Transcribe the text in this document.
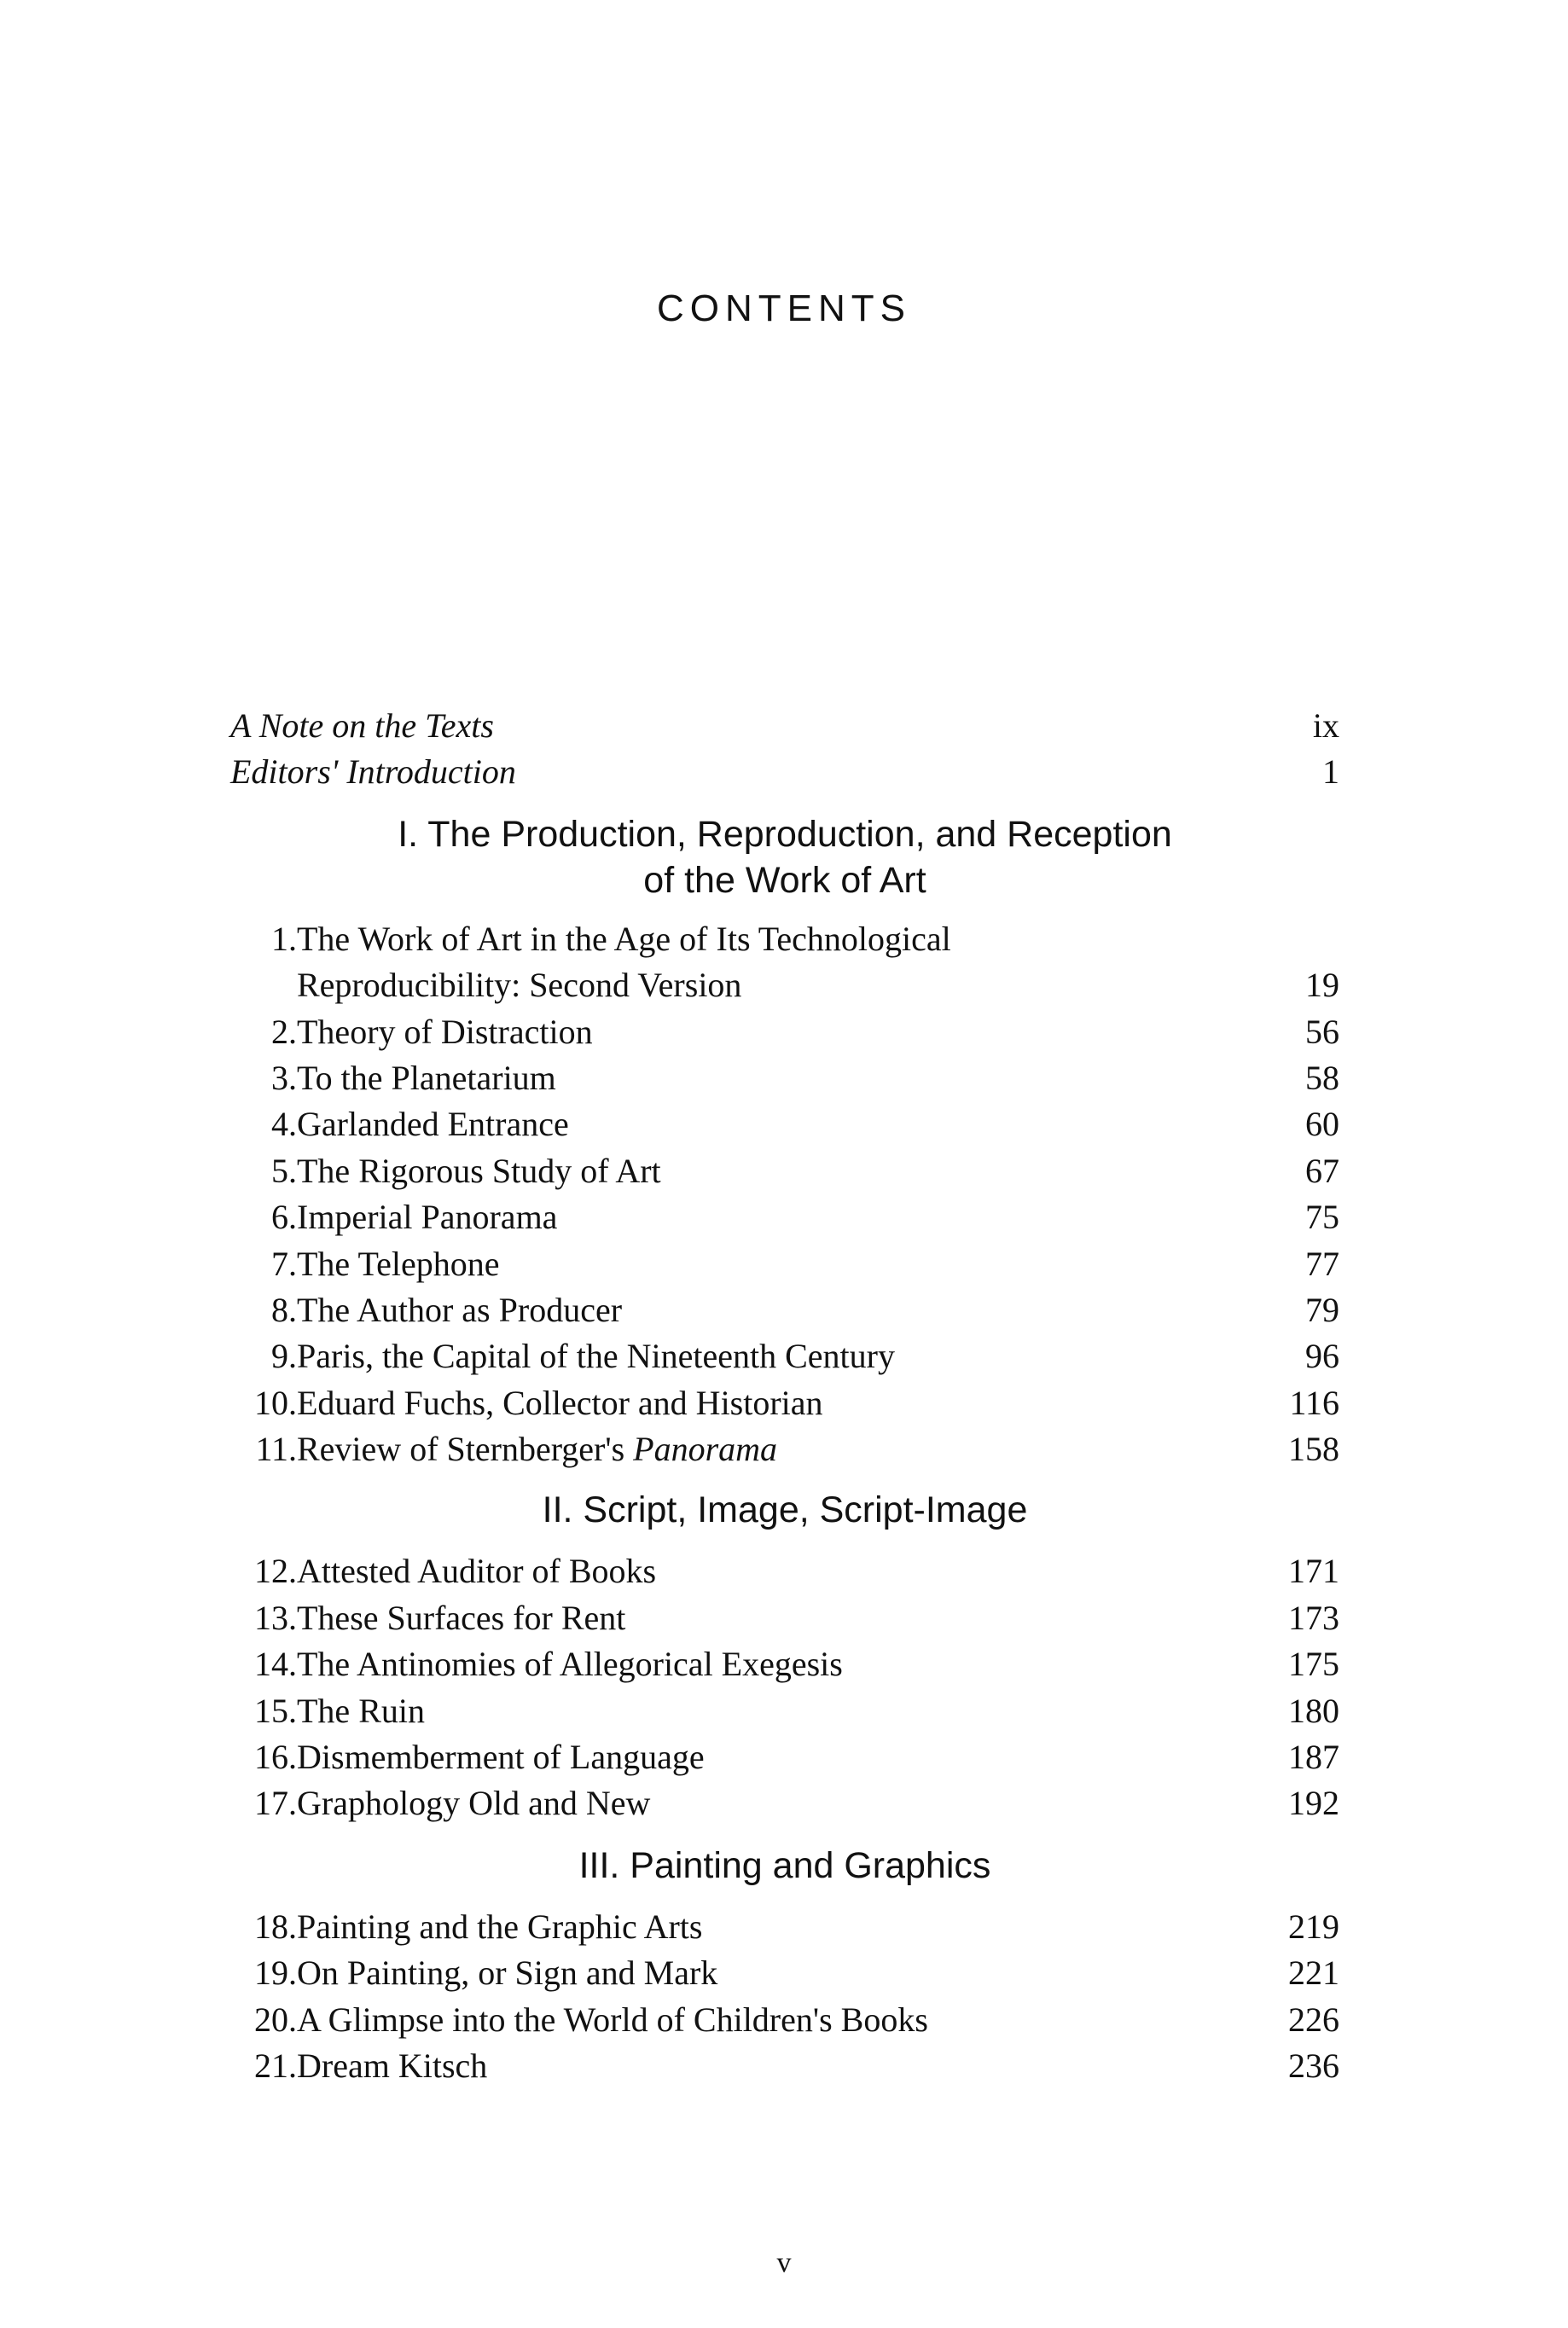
CONTENTS
A Note on the Texts	ix
Editors' Introduction	1
I. The Production, Reproduction, and Reception
of the Work of Art
1. The Work of Art in the Age of Its Technological
Reproducibility: Second Version	19
2. Theory of Distraction	56
3. To the Planetarium	58
4. Garlanded Entrance	60
5. The Rigorous Study of Art	67
6. Imperial Panorama	75
7. The Telephone	77
8. The Author as Producer	79
9. Paris, the Capital of the Nineteenth Century	96
10. Eduard Fuchs, Collector and Historian	116
11. Review of Sternberger's Panorama	158
II. Script, Image, Script-Image
12. Attested Auditor of Books	171
13. These Surfaces for Rent	173
14. The Antinomies of Allegorical Exegesis	175
15. The Ruin	180
16. Dismemberment of Language	187
17. Graphology Old and New	192
III. Painting and Graphics
18. Painting and the Graphic Arts	219
19. On Painting, or Sign and Mark	221
20. A Glimpse into the World of Children's Books	226
21. Dream Kitsch	236
v
